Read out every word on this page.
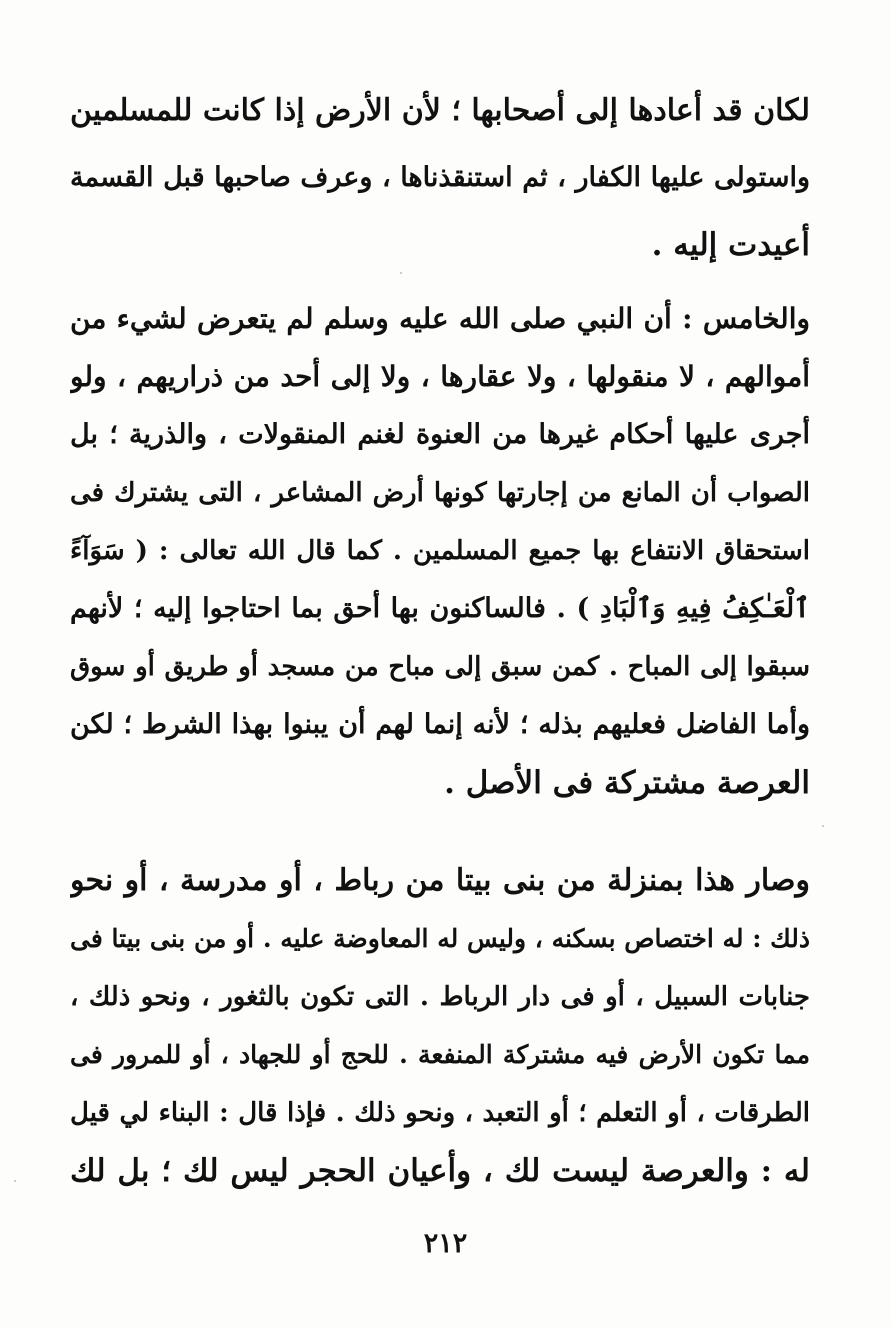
لكان قد أعادها إلى أصحابها ؛ لأن الأرض إذا كانت للمسلمين
واستولى عليها الكفار ، ثم استنقذناها ، وعرف صاحبها قبل القسمة
أعيدت إليه .
والخامس : أن النبي صلى الله عليه وسلم لم يتعرض لشيء من
أموالهم ، لا منقولها ، ولا عقارها ، ولا إلى أحد من ذراريهم ، ولو
أجرى عليها أحكام غيرها من العنوة لغنم المنقولات ، والذرية ؛ بل
الصواب أن المانع من إجارتها كونها أرض المشاعر ، التى يشترك فى
استحقاق الانتفاع بها جميع المسلمين . كما قال الله تعالى : ( سَوَآءً
ٱلْعَـٰكِفُ فِيهِ وَٱلْبَادِ ) . فالساكنون بها أحق بما احتاجوا إليه ؛ لأنهم
سبقوا إلى المباح . كمن سبق إلى مباح من مسجد أو طريق أو سوق
وأما الفاضل فعليهم بذله ؛ لأنه إنما لهم أن يبنوا بهذا الشرط ؛ لكن
العرصة مشتركة فى الأصل .
وصار هذا بمنزلة من بنى بيتا من رباط ، أو مدرسة ، أو نحو
ذلك : له اختصاص بسكنه ، وليس له المعاوضة عليه . أو من بنى بيتا فى
جنابات السبيل ، أو فى دار الرباط . التى تكون بالثغور ، ونحو ذلك ،
مما تكون الأرض فيه مشتركة المنفعة . للحج أو للجهاد ، أو للمرور فى
الطرقات ، أو التعلم ؛ أو التعبد ، ونحو ذلك . فإذا قال : البناء لي قيل
له : والعرصة ليست لك ، وأعيان الحجر ليس لك ؛ بل لك
٢١٢
